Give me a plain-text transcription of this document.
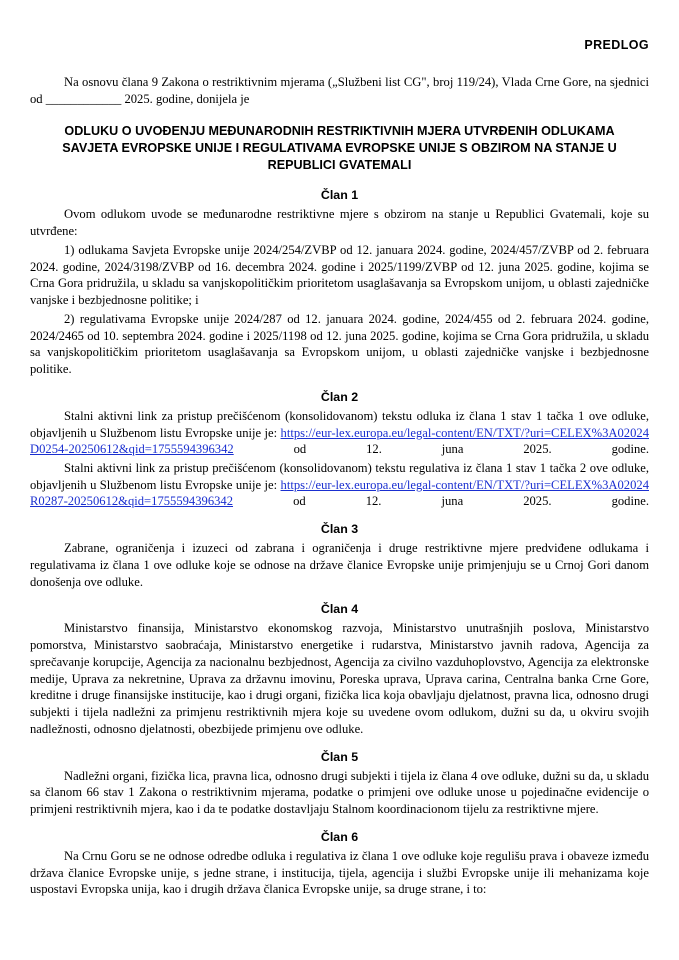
PREDLOG

Na osnovu člana 9 Zakona o restriktivnim mjerama („Službeni list CG", broj 119/24), Vlada Crne Gore, na sjednici od ____________ 2025. godine, donijela je

ODLUKU O UVOĐENJU MEĐUNARODNIH RESTRIKTIVNIH MJERA UTVRĐENIH ODLUKAMA SAVJETA EVROPSKE UNIJE I REGULATIVAMA EVROPSKE UNIJE S OBZIROM NA STANJE U REPUBLICI GVATEMALI
Član 1

Ovom odlukom uvode se međunarodne restriktivne mjere s obzirom na stanje u Republici Gvatemali, koje su utvrđene:

1) odlukama Savjeta Evropske unije 2024/254/ZVBP od 12. januara 2024. godine, 2024/457/ZVBP od 2. februara 2024. godine, 2024/3198/ZVBP od 16. decembra 2024. godine i 2025/1199/ZVBP od 12. juna 2025. godine, kojima se Crna Gora pridružila, u skladu sa vanjskopolitičkim prioritetom usaglašavanja sa Evropskom unijom, u oblasti zajedničke vanjske i bezbjednosne politike; i

2) regulativama Evropske unije 2024/287 od 12. januara 2024. godine, 2024/455 od 2. februara 2024. godine, 2024/2465 od 10. septembra 2024. godine i 2025/1198 od 12. juna 2025. godine, kojima se Crna Gora pridružila, u skladu sa vanjskopolitičkim prioritetom usaglašavanja sa Evropskom unijom, u oblasti zajedničke vanjske i bezbjednosne politike.

Član 2

Stalni aktivni link za pristup prečišćenom (konsolidovanom) tekstu odluka iz člana 1 stav 1 tačka 1 ove odluke, objavljenih u Službenom listu Evropske unije je: https://eur-lex.europa.eu/legal-content/EN/TXT/?uri=CELEX%3A02024D0254-20250612&qid=1755594396342	od 12. juna 2025. godine.

Stalni aktivni link za pristup prečišćenom (konsolidovanom) tekstu regulativa iz člana 1 stav 1 tačka 2 ove odluke, objavljenih u Službenom listu Evropske unije je: https://eur-lex.europa.eu/legal-content/EN/TXT/?uri=CELEX%3A02024R0287-20250612&qid=1755594396342	od 12. juna 2025. godine.

Član 3

Zabrane, ograničenja i izuzeci od zabrana i ograničenja i druge restriktivne mjere predviđene odlukama i regulativama iz člana 1 ove odluke koje se odnose na države članice Evropske unije primjenjuju se u Crnoj Gori danom donošenja ove odluke.

Član 4

Ministarstvo finansija, Ministarstvo ekonomskog razvoja, Ministarstvo unutrašnjih poslova, Ministarstvo pomorstva, Ministarstvo saobraćaja, Ministarstvo energetike i rudarstva, Ministarstvo javnih radova, Agencija za sprečavanje korupcije, Agencija za nacionalnu bezbjednost, Agencija za civilno vazduhoplovstvo, Agencija za elektronske medije, Uprava za nekretnine, Uprava za državnu imovinu, Poreska uprava, Uprava carina, Centralna banka Crne Gore, kreditne i druge finansijske institucije, kao i drugi organi, fizička lica koja obavljaju djelatnost, pravna lica, odnosno drugi subjekti i tijela nadležni za primjenu restriktivnih mjera koje su uvedene ovom odlukom, dužni su da, u okviru svojih nadležnosti, odnosno djelatnosti, obezbijede primjenu ove odluke.

Član 5

Nadležni organi, fizička lica, pravna lica, odnosno drugi subjekti i tijela iz člana 4 ove odluke, dužni su da, u skladu sa članom 66 stav 1 Zakona o restriktivnim mjerama, podatke o primjeni ove odluke unose u pojedinačne evidencije o primjeni restriktivnih mjera, kao i da te podatke dostavljaju Stalnom koordinacionom tijelu za restriktivne mjere.

Član 6

Na Crnu Goru se ne odnose odredbe odluka i regulativa iz člana 1 ove odluke koje regulišu prava i obaveze između država članice Evropske unije, s jedne strane, i institucija, tijela, agencija i službi Evropske unije ili mehanizama koje uspostavi Evropska unija, kao i drugih država članica Evropske unije, sa druge strane, i to:
